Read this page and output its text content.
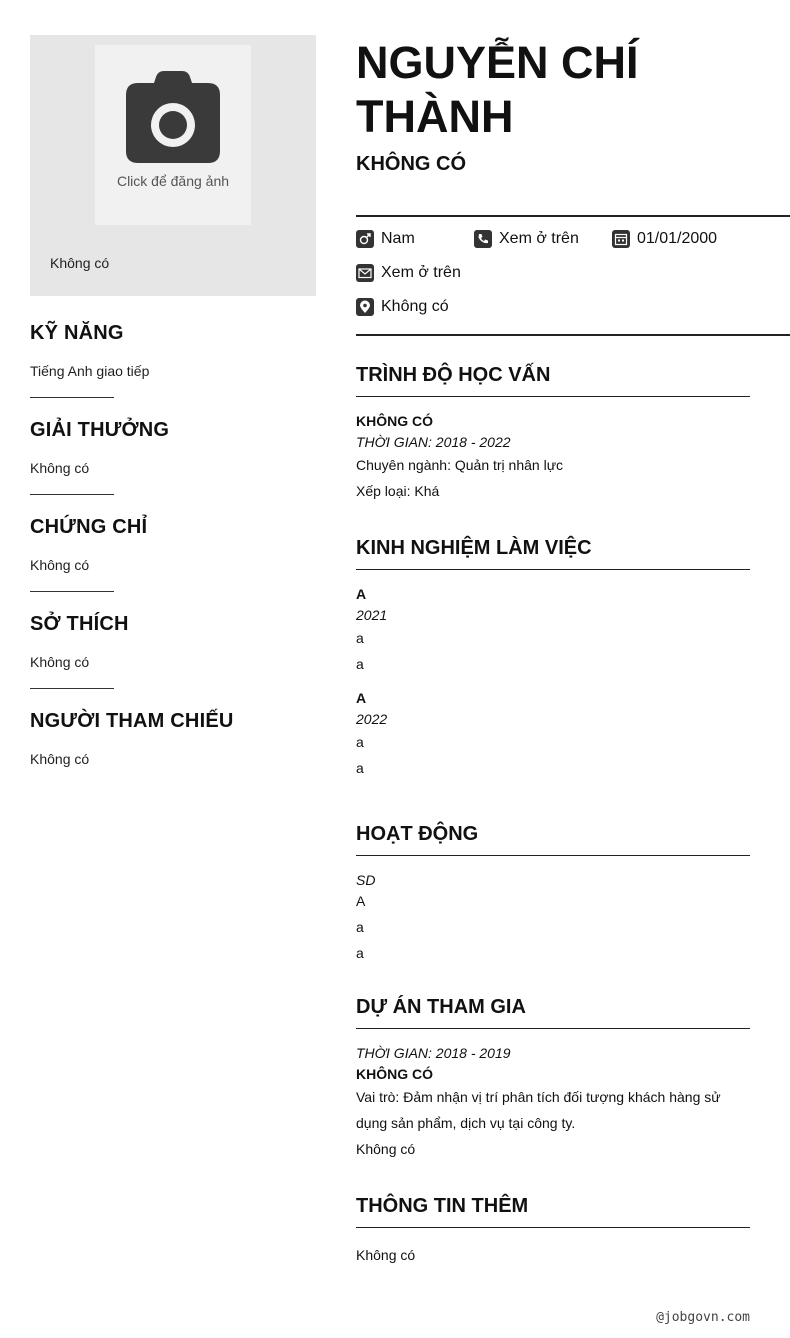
Click để đăng ảnh
Không có
KỸ NĂNG

Tiếng Anh giao tiếp

GIẢI THƯỞNG

Không có

CHỨNG CHỈ

Không có

SỞ THÍCH

Không có

NGƯỜI THAM CHIẾU

Không có

NGUYỄN CHÍ
THÀNH
KHÔNG CÓ
Nam	Xem ở trên	01/01/2000
Xem ở trên
Không có
TRÌNH ĐỘ HỌC VẤN
KHÔNG CÓ
THỜI GIAN: 2018 - 2022
Chuyên ngành: Quản trị nhân lực
Xếp loại: Khá
KINH NGHIỆM LÀM VIỆC
A
2021
a
a
A
2022
a
a
HOẠT ĐỘNG
SD
A
a
a
DỰ ÁN THAM GIA
THỜI GIAN: 2018 - 2019
KHÔNG CÓ
Vai trò: Đảm nhận vị trí phân tích đối tượng khách hàng sử dụng sản phẩm, dịch vụ tại công ty.
Không có
THÔNG TIN THÊM
Không có
@jobgovn.com
